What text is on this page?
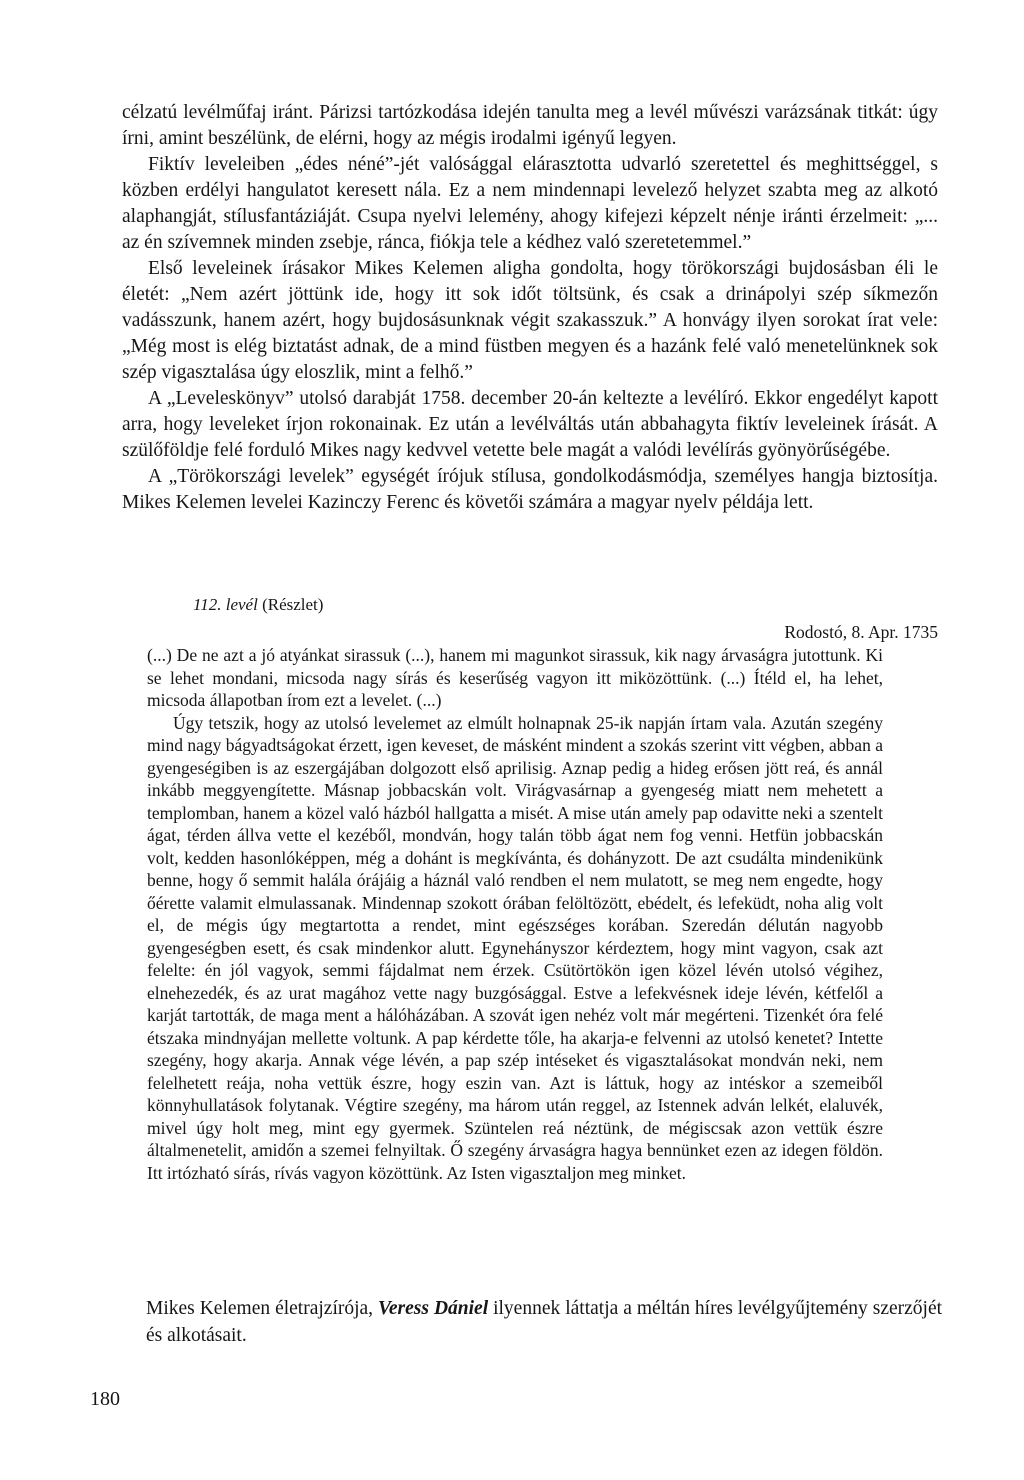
célzatú levélműfaj iránt. Párizsi tartózkodása idején tanulta meg a levél művészi varázsának titkát: úgy írni, amint beszélünk, de elérni, hogy az mégis irodalmi igényű legyen.

Fiktív leveleiben „édes néné”-jét valósággal elárasztotta udvarló szeretettel és meghittséggel, s közben erdélyi hangulatot keresett nála. Ez a nem mindennapi levelező helyzet szabta meg az alkotó alaphangját, stílusfantáziáját. Csupa nyelvi lelemény, ahogy kifejezi képzelt nénje iránti érzelmeit: „... az én szívemnek minden zsebje, ránca, fiókja tele a kédhez való szeretetemmel.”

Első leveleinek írásakor Mikes Kelemen aligha gondolta, hogy törökországi bujdosásban éli le életét: „Nem azért jöttünk ide, hogy itt sok időt töltsünk, és csak a drinápolyi szép síkmezőn vadásszunk, hanem azért, hogy bujdosásunknak végit szakasszuk.” A honvágy ilyen sorokat írat vele: „Még most is elég biztatást adnak, de a mind füstben megyen és a hazánk felé való menetelünknek sok szép vigasztalása úgy eloszlik, mint a felhő.”

A „Leveleskönyv” utolsó darabját 1758. december 20-án keltezte a levélíró. Ekkor engedélyt kapott arra, hogy leveleket írjon rokonainak. Ez után a levélváltás után abbahagyta fiktív leveleinek írását. A szülőföldje felé forduló Mikes nagy kedvvel vetette bele magát a valódi levélírás gyönyörűségébe.

A „Törökországi levelek” egységét írójuk stílusa, gondolkodásmódja, személyes hangja biztosítja. Mikes Kelemen levelei Kazinczy Ferenc és követői számára a magyar nyelv példája lett.

112. levél (Részlet)
Rodostó, 8. Apr. 1735

(...) De ne azt a jó atyánkat sirassuk (...), hanem mi magunkot sirassuk, kik nagy árvaságra jutottunk. Ki se lehet mondani, micsoda nagy sírás és keserűség vagyon itt miközöttünk. (...) Ítéld el, ha lehet, micsoda állapotban írom ezt a levelet. (...)

Úgy tetszik, hogy az utolsó levelemet az elmúlt holnapnak 25-ik napján írtam vala. Azután szegény mind nagy bágyadtságokat érzett, igen keveset, de másként mindent a szokás szerint vitt végben, abban a gyengeségiben is az eszergájában dolgozott első aprilisig. Aznap pedig a hideg erősen jött reá, és annál inkább meggyengítette. Másnap jobbacskán volt. Virágvasárnap a gyengeség miatt nem mehetett a templomban, hanem a közel való házból hallgatta a misét. A mise után amely pap odavitte neki a szentelt ágat, térden állva vette el kezéből, mondván, hogy talán több ágat nem fog venni. Hetfün jobbacskán volt, kedden hasonlóképpen, még a dohánt is megkívánta, és dohányzott. De azt csudálta mindenikünk benne, hogy ő semmit halála órájáig a háznál való rendben el nem mulatott, se meg nem engedte, hogy őérette valamit elmulassanak. Mindennap szokott órában felöltözött, ebédelt, és lefeküdt, noha alig volt el, de mégis úgy megtartotta a rendet, mint egészséges korában. Szeredán délután nagyobb gyengeségben esett, és csak mindenkor alutt. Egynehányszor kérdeztem, hogy mint vagyon, csak azt felelte: én jól vagyok, semmi fájdalmat nem érzek. Csütörtökön igen közel lévén utolsó végihez, elnehezedék, és az urat magához vette nagy buzgósággal. Estve a lefekvésnek ideje lévén, kétfelől a karját tartották, de maga ment a hálóházában. A szovát igen nehéz volt már megérteni. Tizenkét óra felé étszaka mindnyájan mellette voltunk. A pap kérdette tőle, ha akarja-e felvenni az utolsó kenetet? Intette szegény, hogy akarja. Annak vége lévén, a pap szép intéseket és vigasztalásokat mondván neki, nem felelhetett reája, noha vettük észre, hogy eszin van. Azt is láttuk, hogy az intéskor a szemeiből könnyhullatások folytanak. Végtire szegény, ma három után reggel, az Istennek adván lelkét, elaluvék, mivel úgy holt meg, mint egy gyermek. Szüntelen reá néztünk, de mégiscsak azon vettük észre általmenetelit, amidőn a szemei felnyiltak. Ő szegény árvaságra hagya bennünket ezen az idegen földön. Itt irtózható sírás, rívás vagyon közöttünk. Az Isten vigasztaljon meg minket.

Mikes Kelemen életrajzírója, Veress Dániel ilyennek láttatja a méltán híres levélgyűjtemény szerzőjét és alkotásait.
180
